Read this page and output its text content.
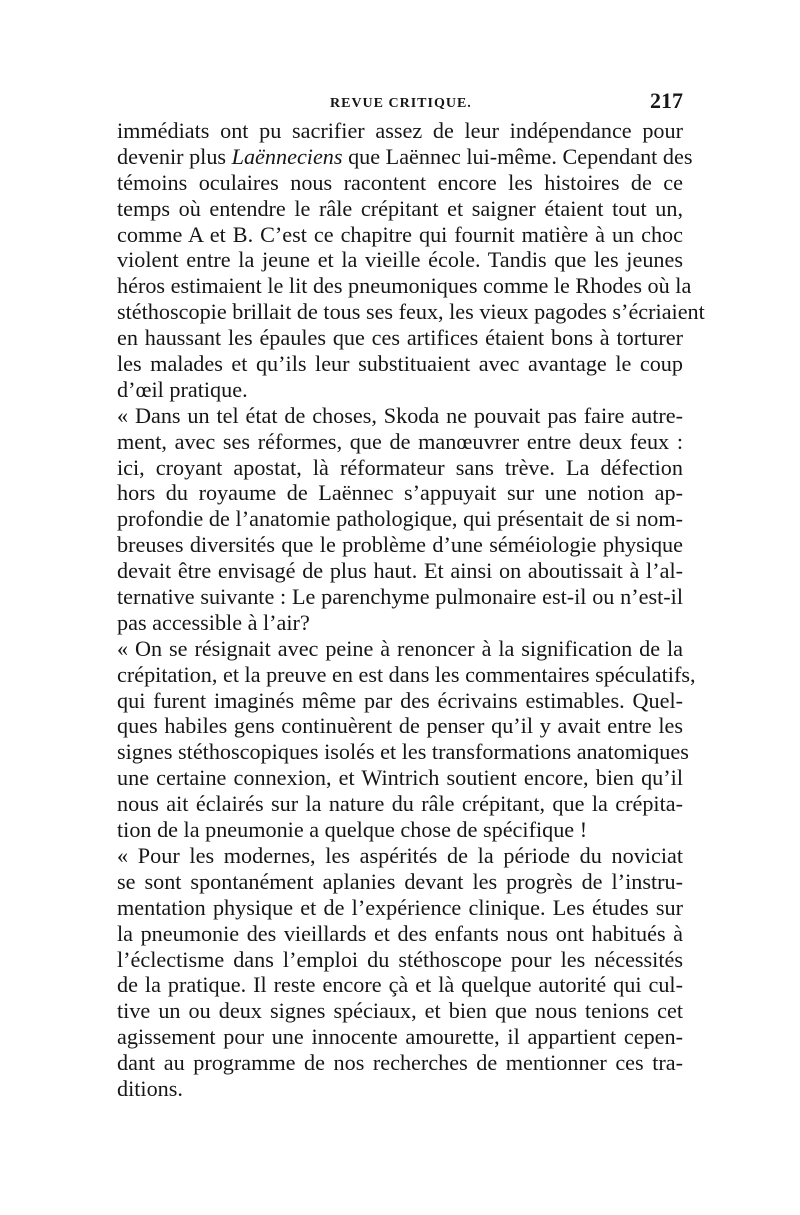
REVUE CRITIQUE.	217
immédiats ont pu sacrifier assez de leur indépendance pour
devenir plus Laënneciens que Laënnec lui-même. Cependant des
témoins oculaires nous racontent encore les histoires de ce
temps où entendre le râle crépitant et saigner étaient tout un,
comme A et B. C’est ce chapitre qui fournit matière à un choc
violent entre la jeune et la vieille école. Tandis que les jeunes
héros estimaient le lit des pneumoniques comme le Rhodes où la
stéthoscopie brillait de tous ses feux, les vieux pagodes s’écriaient
en haussant les épaules que ces artifices étaient bons à torturer
les malades et qu’ils leur substituaient avec avantage le coup
d’œil pratique.
« Dans un tel état de choses, Skoda ne pouvait pas faire autre-
ment, avec ses réformes, que de manœuvrer entre deux feux :
ici, croyant apostat, là réformateur sans trève. La défection
hors du royaume de Laënnec s’appuyait sur une notion ap-
profondie de l’anatomie pathologique, qui présentait de si nom-
breuses diversités que le problème d’une séméiologie physique
devait être envisagé de plus haut. Et ainsi on aboutissait à l’al-
ternative suivante : Le parenchyme pulmonaire est-il ou n’est-il
pas accessible à l’air?
« On se résignait avec peine à renoncer à la signification de la
crépitation, et la preuve en est dans les commentaires spéculatifs,
qui furent imaginés même par des écrivains estimables. Quel-
ques habiles gens continuèrent de penser qu’il y avait entre les
signes stéthoscopiques isolés et les transformations anatomiques
une certaine connexion, et Wintrich soutient encore, bien qu’il
nous ait éclairés sur la nature du râle crépitant, que la crépita-
tion de la pneumonie a quelque chose de spécifique !
« Pour les modernes, les aspérités de la période du noviciat
se sont spontanément aplanies devant les progrès de l’instru-
mentation physique et de l’expérience clinique. Les études sur
la pneumonie des vieillards et des enfants nous ont habitués à
l’éclectisme dans l’emploi du stéthoscope pour les nécessités
de la pratique. Il reste encore çà et là quelque autorité qui cul-
tive un ou deux signes spéciaux, et bien que nous tenions cet
agissement pour une innocente amourette, il appartient cepen-
dant au programme de nos recherches de mentionner ces tra-
ditions.
